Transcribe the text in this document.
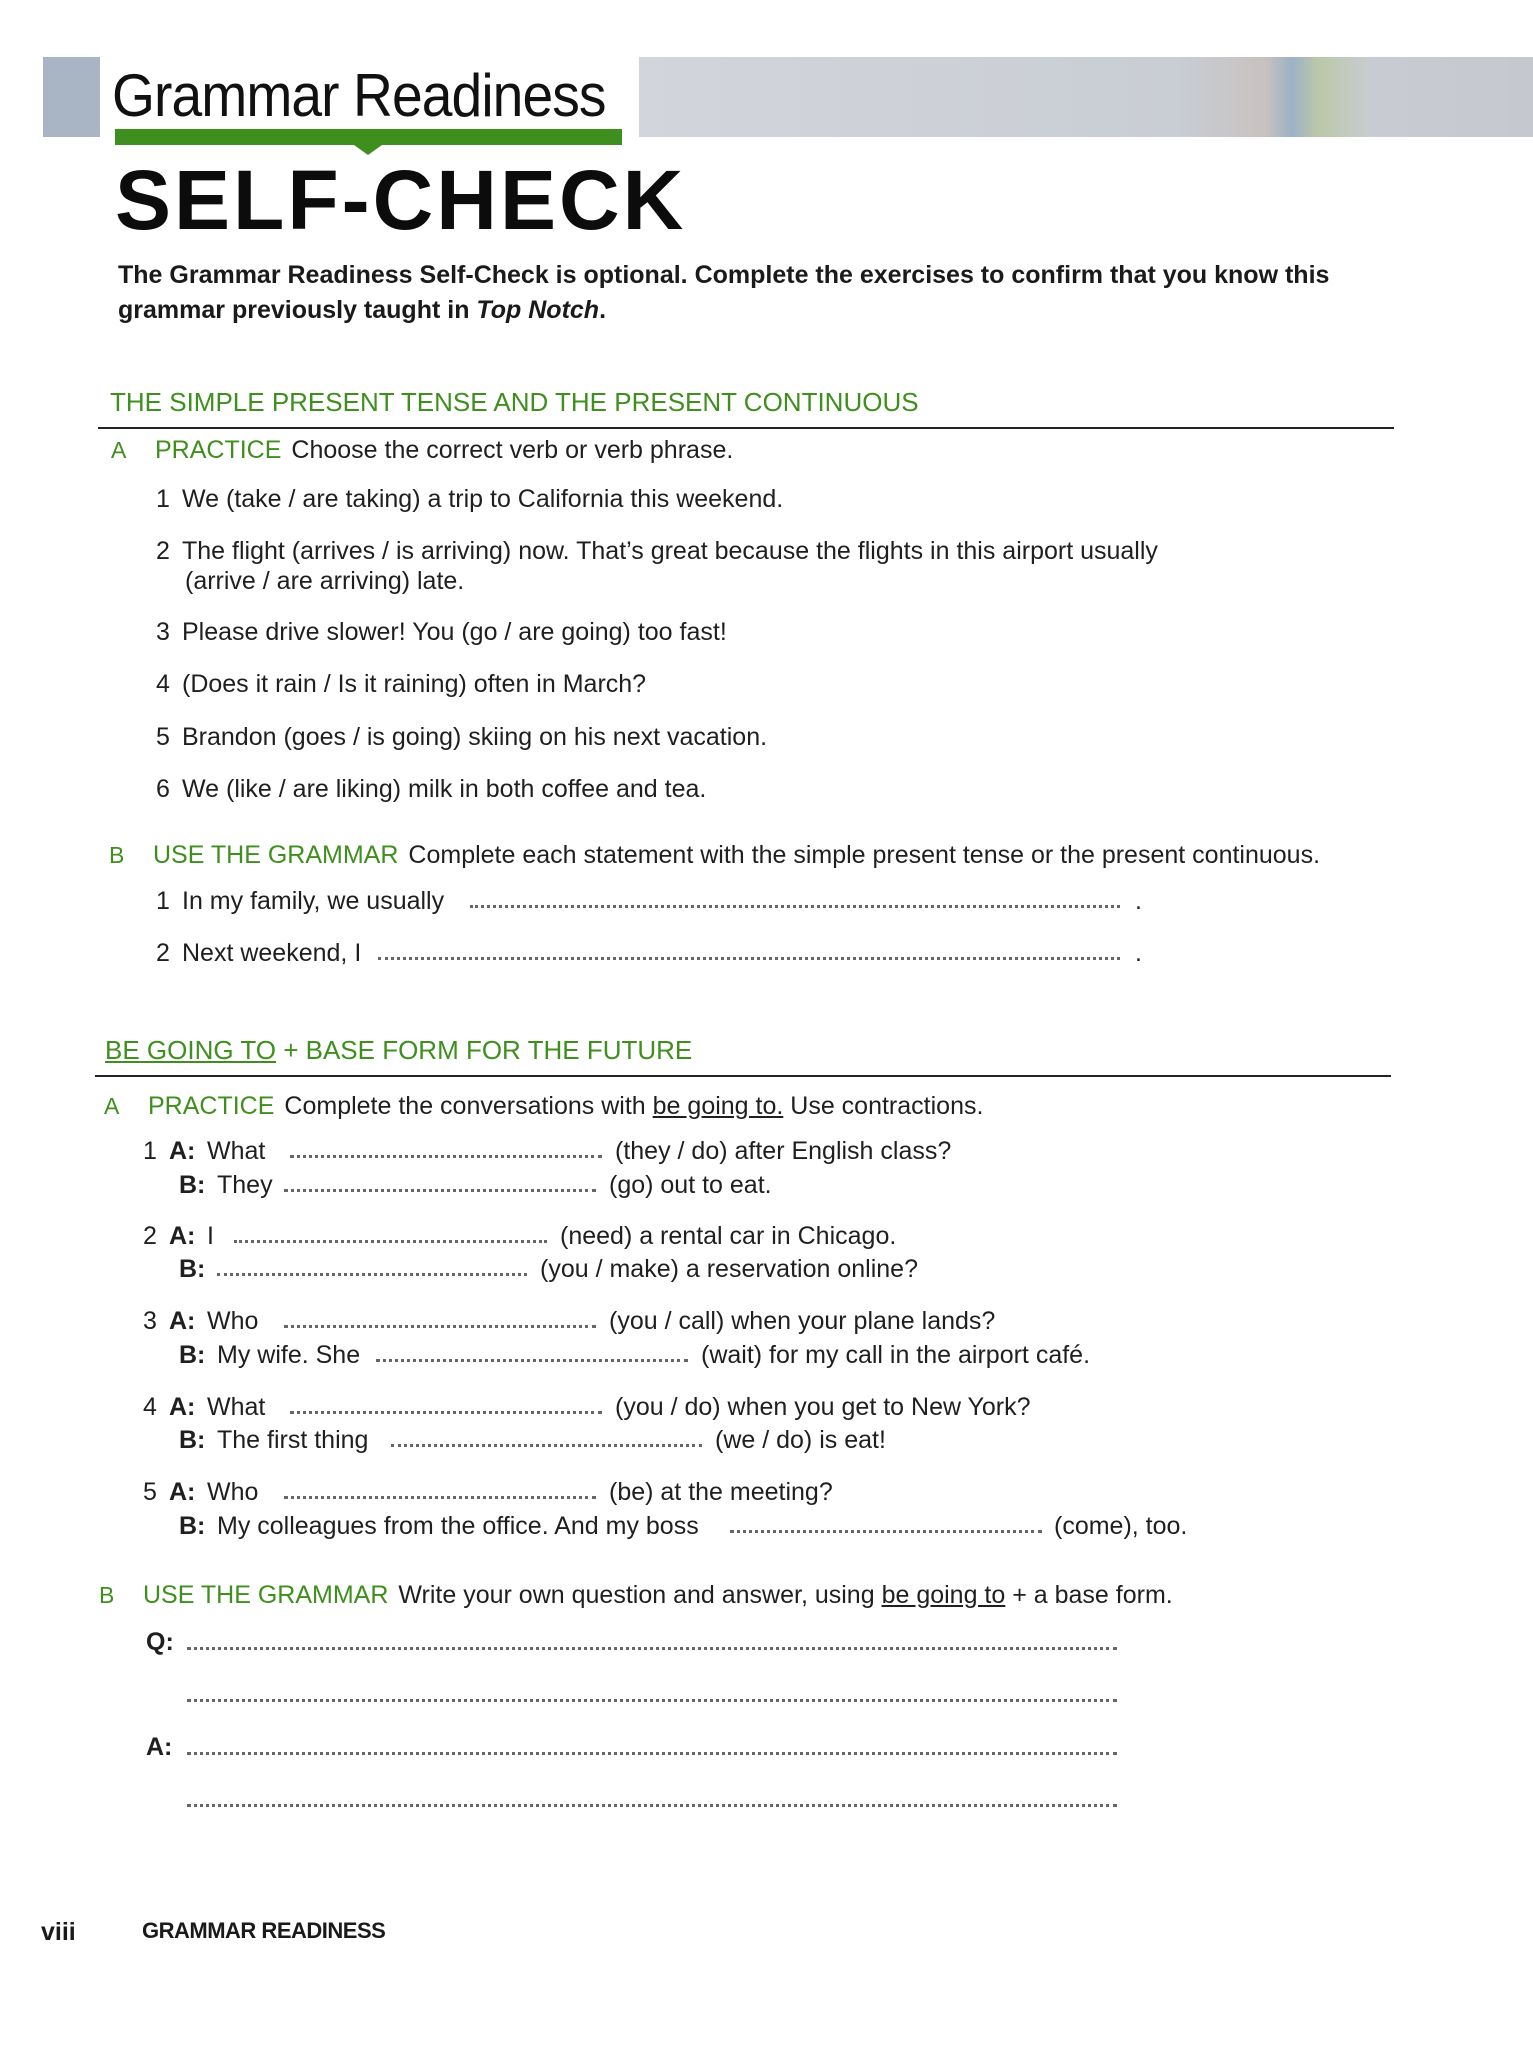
Grammar Readiness
SELF-CHECK
The Grammar Readiness Self-Check is optional. Complete the exercises to confirm that you know this grammar previously taught in Top Notch.
THE SIMPLE PRESENT TENSE AND THE PRESENT CONTINUOUS
A PRACTICE Choose the correct verb or verb phrase.
1 We (take / are taking) a trip to California this weekend.
2 The flight (arrives / is arriving) now. That’s great because the flights in this airport usually
(arrive / are arriving) late.
3 Please drive slower! You (go / are going) too fast!
4 (Does it rain / Is it raining) often in March?
5 Brandon (goes / is going) skiing on his next vacation.
6 We (like / are liking) milk in both coffee and tea.
B USE THE GRAMMAR Complete each statement with the simple present tense or the present continuous.
1 In my family, we usually	.
2 Next weekend, I	.
BE GOING TO + BASE FORM FOR THE FUTURE
A PRACTICE Complete the conversations with be going to. Use contractions.
1 A: What	(they / do) after English class?
B: They	(go) out to eat.
2 A: I	(need) a rental car in Chicago.
B:	(you / make) a reservation online?
3 A: Who	(you / call) when your plane lands?
B: My wife. She	(wait) for my call in the airport café.
4 A: What	(you / do) when you get to New York?
B: The first thing	(we / do) is eat!
5 A: Who	(be) at the meeting?
B: My colleagues from the office. And my boss	(come), too.
B USE THE GRAMMAR Write your own question and answer, using be going to + a base form.
Q:
A:
viii	GRAMMAR READINESS
